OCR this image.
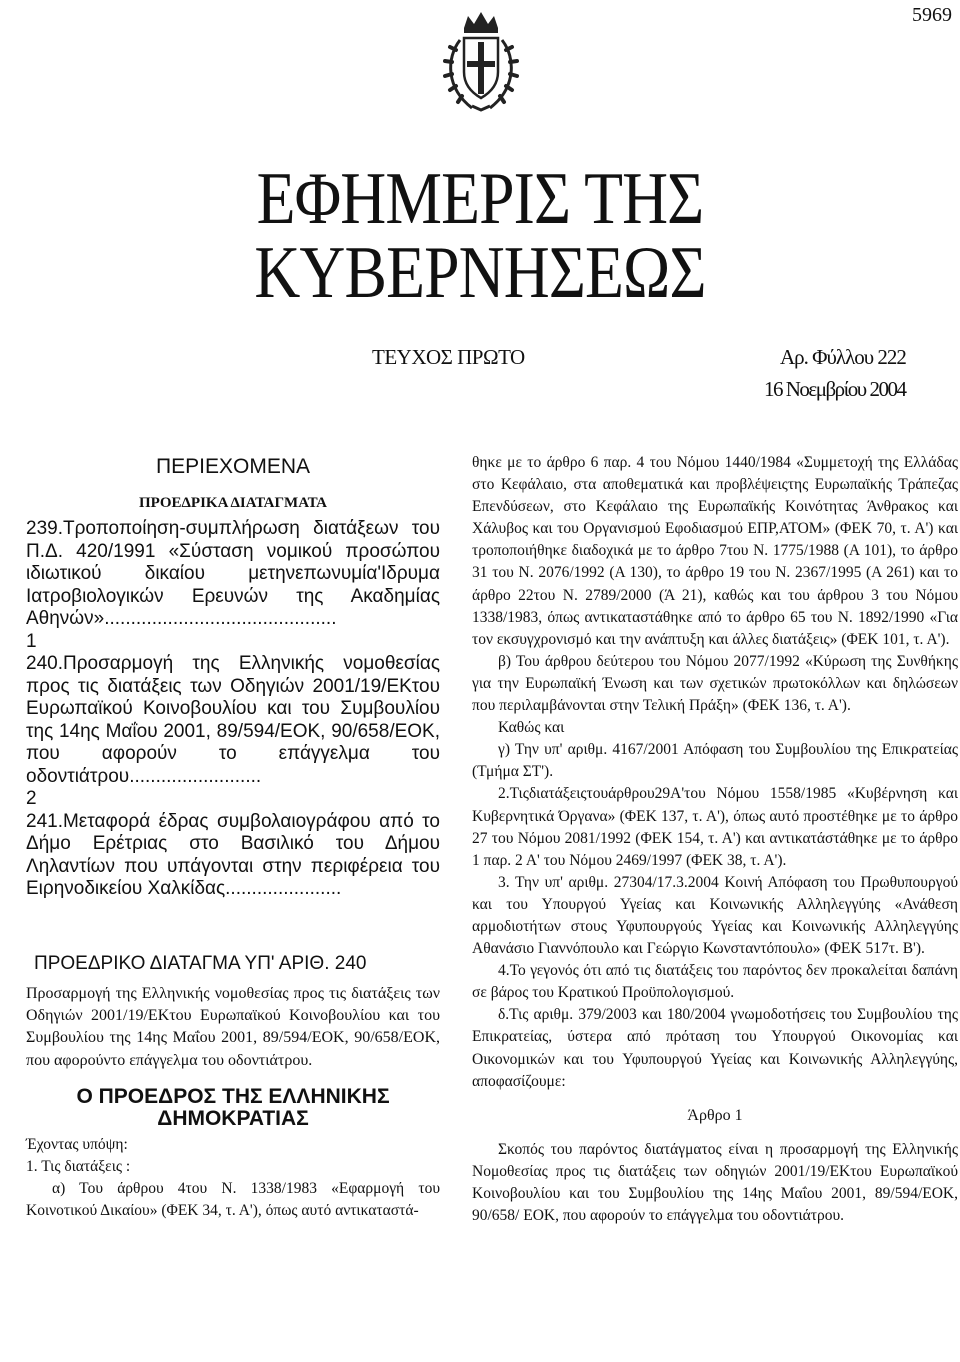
5969
ΕΦΗΜΕΡΙΣ ΤΗΣ ΚΥΒΕΡΝΗΣΕΩΣ
ΤΕΥΧΟΣ ΠΡΩΤΟ	Αρ. Φύλλου 222
16 Νοεμβρίου 2004
ΠΕΡΙΕΧΟΜΕΝΑ
ΠΡΟΕΔΡΙΚΑ ΔΙΑΤΑΓΜΑΤΑ

239.Τροποποίηση-συμπλήρωση διατάξεων του Π.Δ. 420/1991 «Σύσταση νομικού προσώπου ιδιωτικού δικαίου μετηνεπωνυμία'Ιδρυμα Ιατροβιολογικών Ερευνών της Ακαδημίας Αθηνών»............................................

1

240.Προσαρμογή της Ελληνικής νομοθεσίας προς τις διατάξεις των Οδηγιών 2001/19/ΕΚτου Ευρωπαϊκού Κοινοβουλίου και του Συμβουλίου της 14ης Μαΐου 2001, 89/594/ΕΟΚ, 90/658/ΕΟΚ, που αφορούν το επάγγελμα του οδοντιάτρου.........................

2

241.Μεταφορά έδρας συμβολαιογράφου από το Δήμο Ερέτριας στο Βασιλικό του Δήμου Ληλαντίων που υπάγονται στην περιφέρεια του Ειρηνοδικείου Χαλκίδας......................

ΠΡΟΕΔΡΙΚΟ ΔΙΑΤΑΓΜΑ ΥΠ' ΑΡΙΘ. 240

Προσαρμογή της Ελληνικής νομοθεσίας προς τις διατάξεις των Οδηγιών 2001/19/ΕΚτου Ευρωπαϊκού Κοινοβουλίου και του Συμβουλίου της 14ης Μαΐου 2001, 89/594/ΕΟΚ, 90/658/ΕΟΚ, που αφορούντο επάγγελμα του οδοντιάτρου.

Ο ΠΡΟΕΔΡΟΣ ΤΗΣ ΕΛΛΗΝΙΚΗΣ
ΔΗΜΟΚΡΑΤΙΑΣ

Έχοντας υπόψη:

1. Τις διατάξεις :

α) Του άρθρου 4του Ν. 1338/1983 «Εφαρμογή του Κοινοτικού Δικαίου» (ΦΕΚ 34, τ. Α'), όπως αυτό αντικαταστά-

θηκε με το άρθρο 6 παρ. 4 του Νόμου 1440/1984 «Συμμετοχή της Ελλάδας στο Κεφάλαιο, στα αποθεματικά και προβλέψειςτης Ευρωπαϊκής Τράπεζας Επενδύσεων, στο Κεφάλαιο της Ευρωπαϊκής Κοινότητας Άνθρακος και Χάλυβος και του Οργανισμού Εφοδιασμού ΕΠΡ,ΑΤΟΜ» (ΦΕΚ 70, τ. Α') και τροποποιήθηκε διαδοχικά με το άρθρο 7του Ν. 1775/1988 (Α 101), το άρθρο 31 του Ν. 2076/1992 (Α 130), το άρθρο 19 του Ν. 2367/1995 (Α 261) και το άρθρο 22του Ν. 2789/2000 (Ά 21), καθώς και του άρθρου 3 του Νόμου 1338/1983, όπως αντικαταστάθηκε από το άρθρο 65 του Ν. 1892/1990 «Για τον εκσυγχρονισμό και την ανάπτυξη και άλλες διατάξεις» (ΦΕΚ 101, τ. Α').

β) Του άρθρου δεύτερου του Νόμου 2077/1992 «Κύρωση της Συνθήκης για την Ευρωπαϊκή Ένωση και των σχετικών πρωτοκόλλων και δηλώσεων που περιλαμβάνονται στην Τελική Πράξη» (ΦΕΚ 136, τ. Α').

Καθώς και

γ) Την υπ' αριθμ. 4167/2001 Απόφαση του Συμβουλίου της Επικρατείας (Τμήμα ΣΤ').

2.Τιςδιατάξειςτουάρθρου29Α'του Νόμου 1558/1985 «Κυβέρνηση και Κυβερνητικά Όργανα» (ΦΕΚ 137, τ. Α'), όπως αυτό προστέθηκε με το άρθρο 27 του Νόμου 2081/1992 (ΦΕΚ 154, τ. Α') και αντικατάστάθηκε με το άρθρο 1 παρ. 2 Α' του Νόμου 2469/1997 (ΦΕΚ 38, τ. Α').

3. Την υπ' αριθμ. 27304/17.3.2004 Κοινή Απόφαση του Πρωθυπουργού και του Υπουργού Υγείας και Κοινωνικής Αλληλεγγύης «Ανάθεση αρμοδιοτήτων στους Υφυπουργούς Υγείας και Κοινωνικής Αλληλεγγύης Αθανάσιο Γιαννόπουλο και Γεώργιο Κωνσταντόπουλο» (ΦΕΚ 517τ. Β').

4.Το γεγονός ότι από τις διατάξεις του παρόντος δεν προκαλείται δαπάνη σε βάρος του Κρατικού Προϋπολογισμού.

δ.Τις αριθμ. 379/2003 και 180/2004 γνωμοδοτήσεις του Συμβουλίου της Επικρατείας, ύστερα από πρόταση του Υπουργού Οικονομίας και Οικονομικών και του Υφυπουργού Υγείας και Κοινωνικής Αλληλεγγύης, αποφασίζουμε:

Άρθρο 1

Σκοπός του παρόντος διατάγματος είναι η προσαρμογή της Ελληνικής Νομοθεσίας προς τις διατάξεις των οδηγιών 2001/19/ΕΚτου Ευρωπαϊκού Κοινοβουλίου και του Συμβουλίου της 14ης Μαΐου 2001, 89/594/ΕΟΚ, 90/658/ ΕΟΚ, που αφορούν το επάγγελμα του οδοντιάτρου.
